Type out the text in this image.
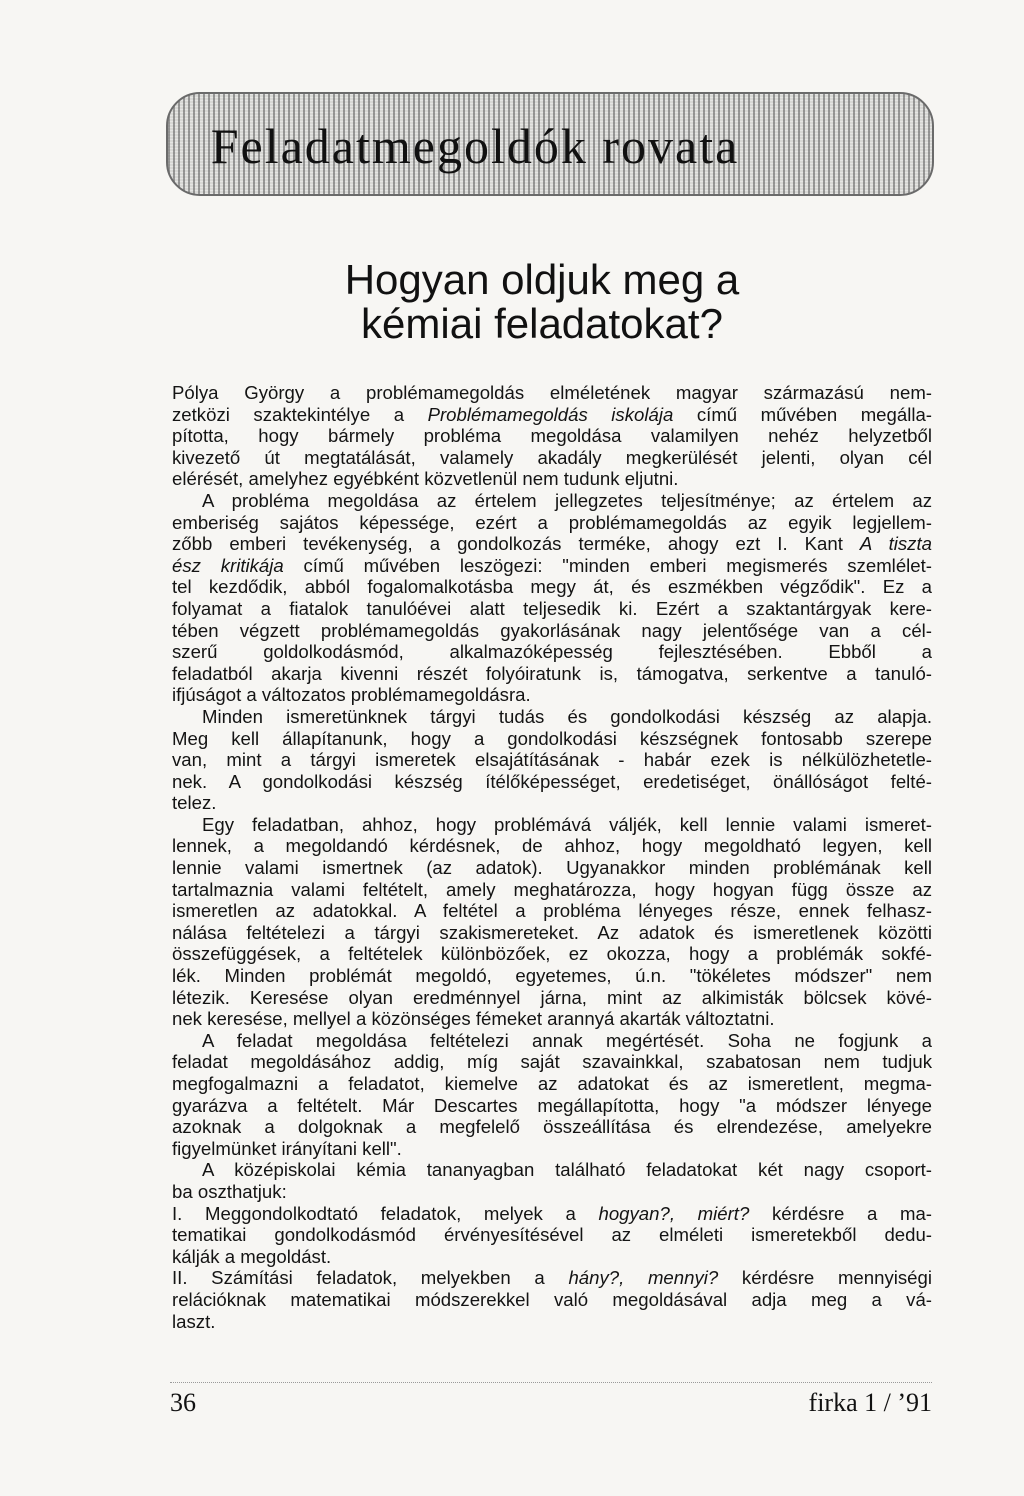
Feladatmegoldók rovata
Hogyan oldjuk meg a
kémiai feladatokat?
Pólya György a problémamegoldás elméletének magyar származású nem-
zetközi szaktekintélye a Problémamegoldás iskolája című művében megálla-
pította, hogy bármely probléma megoldása valamilyen nehéz helyzetből
kivezető út megtatálását, valamely akadály megkerülését jelenti, olyan cél
elérését, amelyhez egyébként közvetlenül nem tudunk eljutni.
A probléma megoldása az értelem jellegzetes teljesítménye; az értelem az
emberiség sajátos képessége, ezért a problémamegoldás az egyik legjellem-
zőbb emberi tevékenység, a gondolkozás terméke, ahogy ezt I. Kant A tiszta
ész kritikája című művében leszögezi: "minden emberi megismerés szemlélet-
tel kezdődik, abból fogalomalkotásba megy át, és eszmékben végződik". Ez a
folyamat a fiatalok tanulóévei alatt teljesedik ki. Ezért a szaktantárgyak kere-
tében végzett problémamegoldás gyakorlásának nagy jelentősége van a cél-
szerű goldolkodásmód, alkalmazóképesség fejlesztésében. Ebből a
feladatból akarja kivenni részét folyóiratunk is, támogatva, serkentve a tanuló-
ifjúságot a változatos problémamegoldásra.
Minden ismeretünknek tárgyi tudás és gondolkodási készség az alapja.
Meg kell állapítanunk, hogy a gondolkodási készségnek fontosabb szerepe
van, mint a tárgyi ismeretek elsajátításának - habár ezek is nélkülözhetetle-
nek. A gondolkodási készség ítélőképességet, eredetiséget, önállóságot felté-
telez.
Egy feladatban, ahhoz, hogy problémává váljék, kell lennie valami ismeret-
lennek, a megoldandó kérdésnek, de ahhoz, hogy megoldható legyen, kell
lennie valami ismertnek (az adatok). Ugyanakkor minden problémának kell
tartalmaznia valami feltételt, amely meghatározza, hogy hogyan függ össze az
ismeretlen az adatokkal. A feltétel a probléma lényeges része, ennek felhasz-
nálása feltételezi a tárgyi szakismereteket. Az adatok és ismeretlenek közötti
összefüggések, a feltételek különbözőek, ez okozza, hogy a problémák sokfé-
lék. Minden problémát megoldó, egyetemes, ú.n. "tökéletes módszer" nem
létezik. Keresése olyan eredménnyel járna, mint az alkimisták bölcsek kövé-
nek keresése, mellyel a közönséges fémeket arannyá akarták változtatni.
A feladat megoldása feltételezi annak megértését. Soha ne fogjunk a
feladat megoldásához addig, míg saját szavainkkal, szabatosan nem tudjuk
megfogalmazni a feladatot, kiemelve az adatokat és az ismeretlent, megma-
gyarázva a feltételt. Már Descartes megállapította, hogy "a módszer lényege
azoknak a dolgoknak a megfelelő összeállítása és elrendezése, amelyekre
figyelmünket irányítani kell".
A középiskolai kémia tananyagban található feladatokat két nagy csoport-
ba oszthatjuk:
I. Meggondolkodtató feladatok, melyek a hogyan?, miért? kérdésre a ma-
tematikai gondolkodásmód érvényesítésével az elméleti ismeretekből dedu-
kálják a megoldást.
II. Számítási feladatok, melyekben a hány?, mennyi? kérdésre mennyiségi
relációknak matematikai módszerekkel való megoldásával adja meg a vá-
laszt.
36	firka 1 / ’91
